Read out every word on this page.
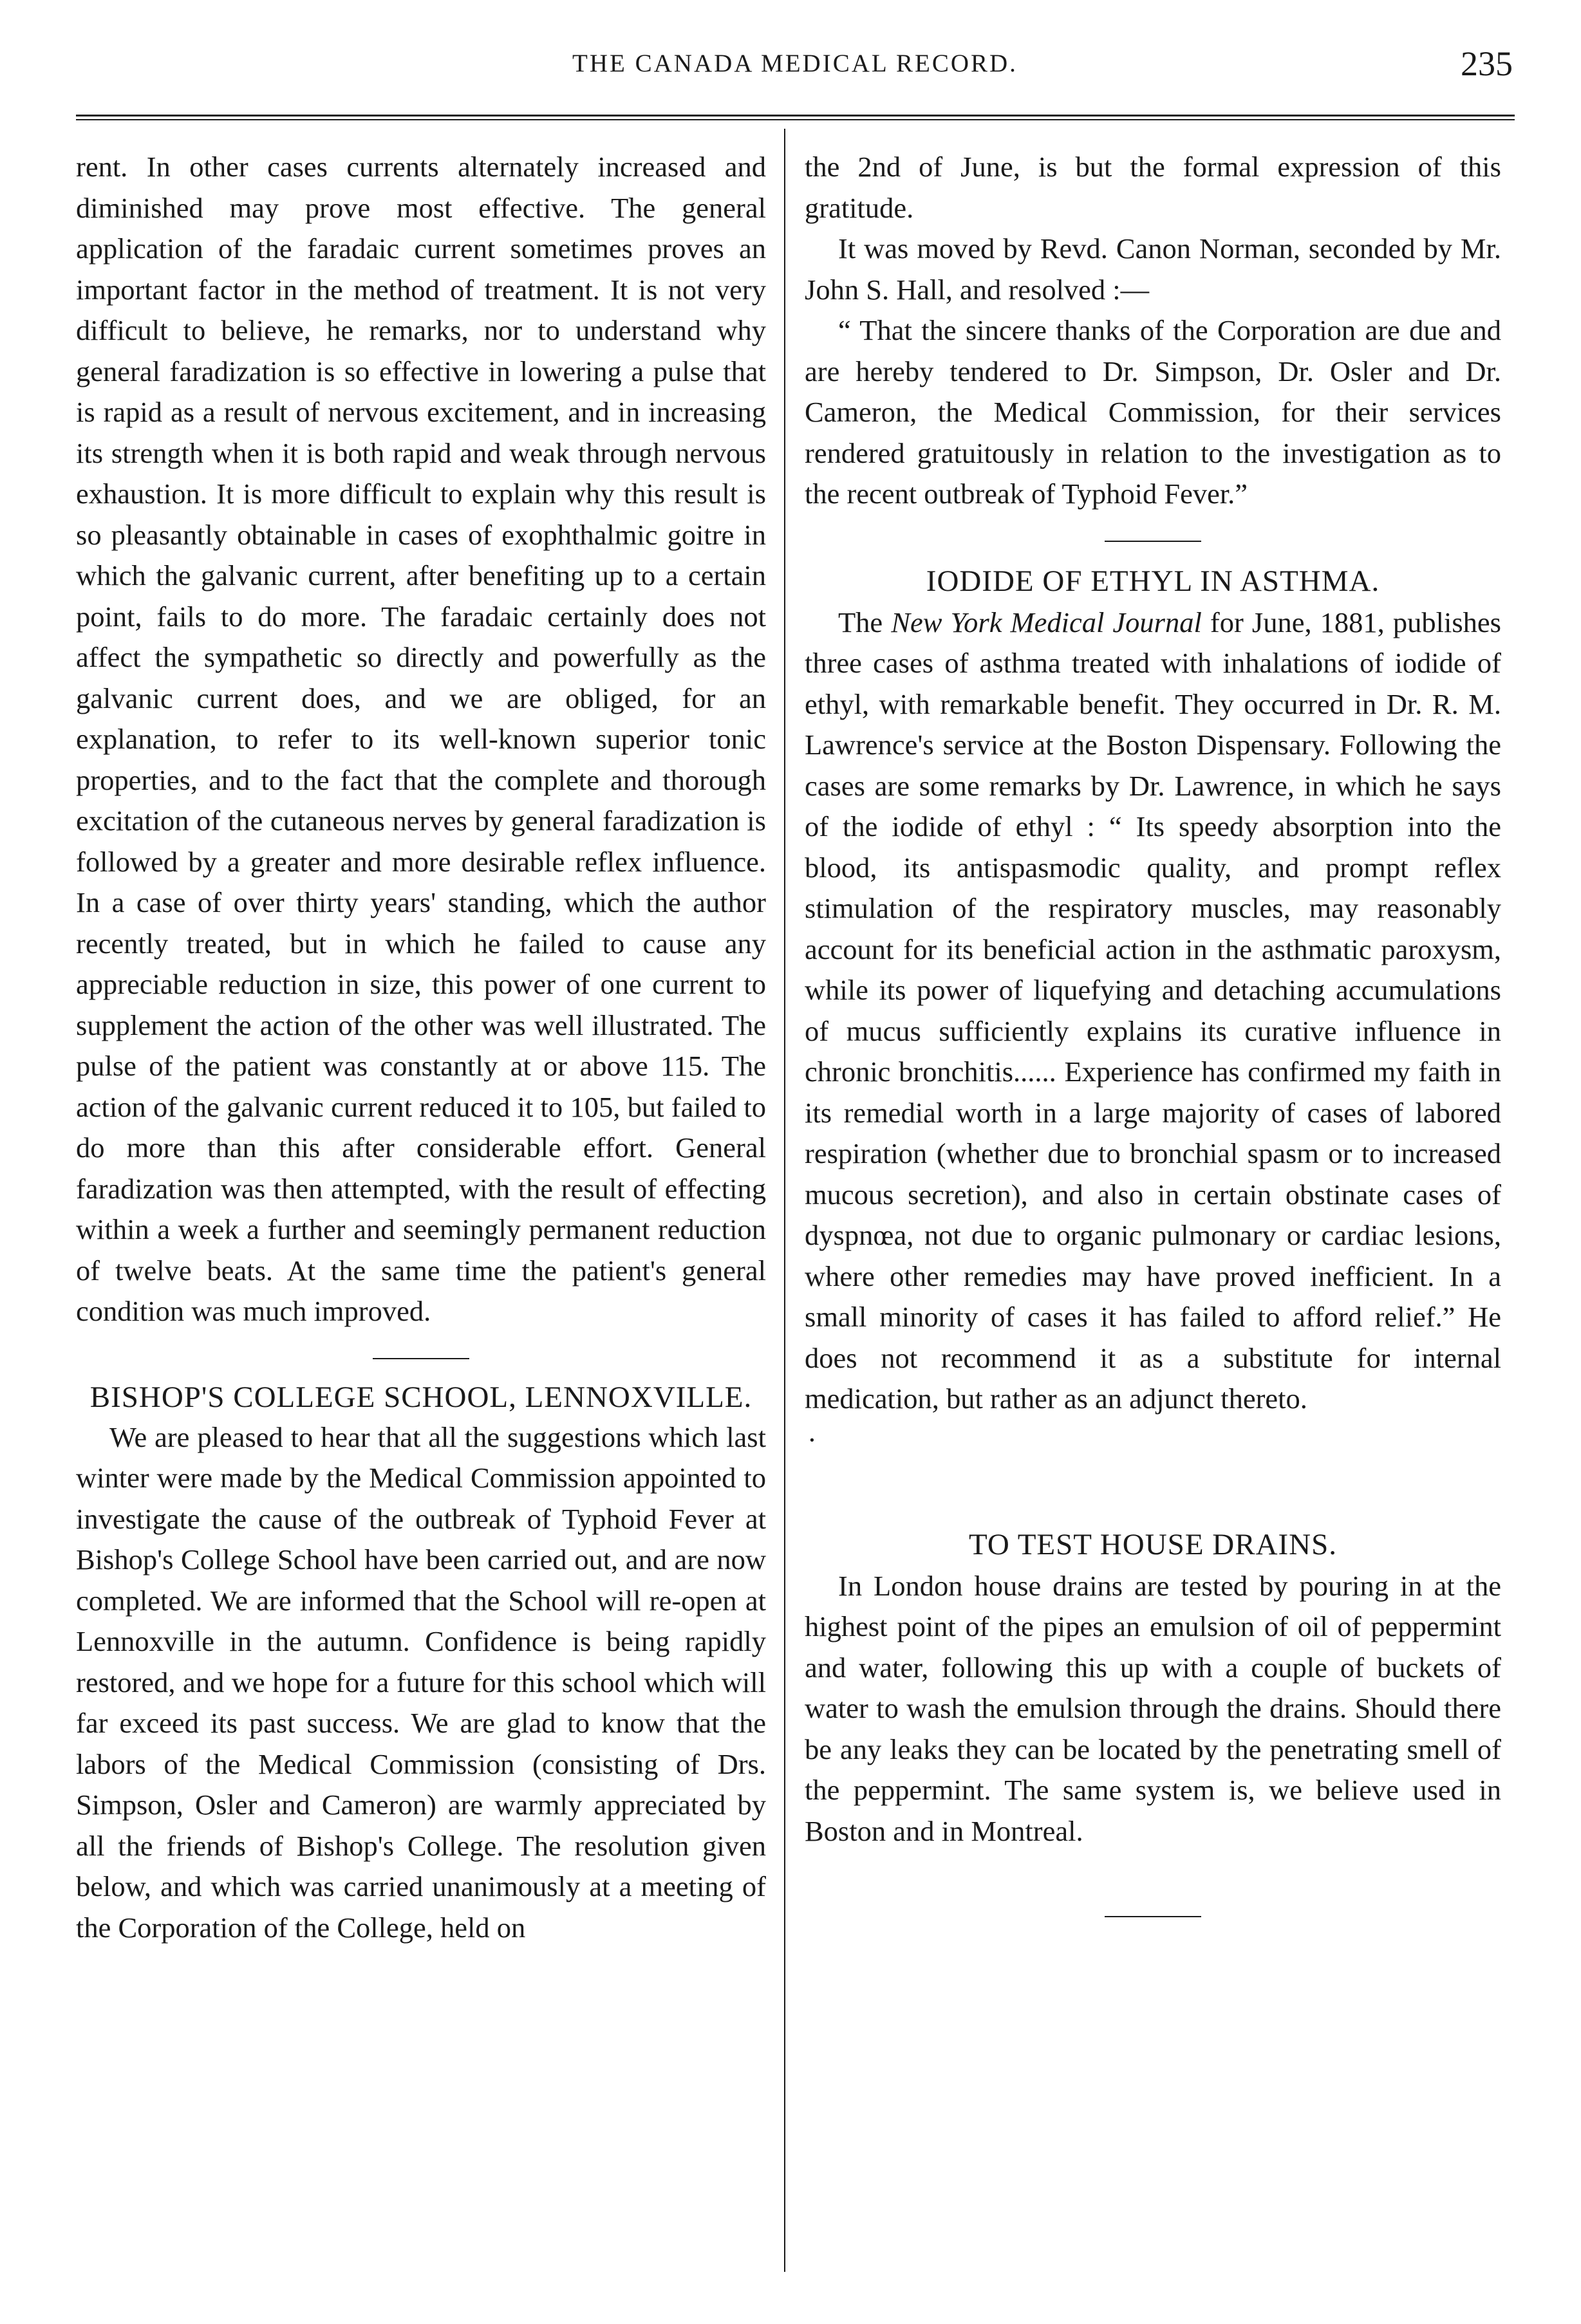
THE CANADA MEDICAL RECORD.	235

rent. In other cases currents alternately increased and diminished may prove most effective. The general application of the faradaic current sometimes proves an important factor in the method of treatment. It is not very difficult to believe, he remarks, nor to understand why general faradization is so effective in lowering a pulse that is rapid as a result of nervous excitement, and in increasing its strength when it is both rapid and weak through nervous exhaustion. It is more difficult to explain why this result is so pleasantly obtainable in cases of exophthalmic goitre in which the galvanic current, after benefiting up to a certain point, fails to do more. The faradaic certainly does not affect the sympathetic so directly and powerfully as the galvanic current does, and we are obliged, for an explanation, to refer to its well-known superior tonic properties, and to the fact that the complete and thorough excitation of the cutaneous nerves by general faradization is followed by a greater and more desirable reflex influence. In a case of over thirty years' standing, which the author recently treated, but in which he failed to cause any appreciable reduction in size, this power of one current to supplement the action of the other was well illustrated. The pulse of the patient was constantly at or above 115. The action of the galvanic current reduced it to 105, but failed to do more than this after considerable effort. General faradization was then attempted, with the result of effecting within a week a further and seemingly permanent reduction of twelve beats. At the same time the patient's general condition was much improved.

BISHOP'S COLLEGE SCHOOL, LENNOXVILLE.

We are pleased to hear that all the suggestions which last winter were made by the Medical Commission appointed to investigate the cause of the outbreak of Typhoid Fever at Bishop's College School have been carried out, and are now completed. We are informed that the School will re-open at Lennoxville in the autumn. Confidence is being rapidly restored, and we hope for a future for this school which will far exceed its past success. We are glad to know that the labors of the Medical Commission (consisting of Drs. Simpson, Osler and Cameron) are warmly appreciated by all the friends of Bishop's College. The resolution given below, and which was carried unanimously at a meeting of the Corporation of the College, held on

the 2nd of June, is but the formal expression of this gratitude.

It was moved by Revd. Canon Norman, seconded by Mr. John S. Hall, and resolved :—

“ That the sincere thanks of the Corporation are due and are hereby tendered to Dr. Simpson, Dr. Osler and Dr. Cameron, the Medical Commission, for their services rendered gratuitously in relation to the investigation as to the recent outbreak of Typhoid Fever.”

IODIDE OF ETHYL IN ASTHMA.

The New York Medical Journal for June, 1881, publishes three cases of asthma treated with inhalations of iodide of ethyl, with remarkable benefit. They occurred in Dr. R. M. Lawrence's service at the Boston Dispensary. Following the cases are some remarks by Dr. Lawrence, in which he says of the iodide of ethyl : “ Its speedy absorption into the blood, its antispasmodic quality, and prompt reflex stimulation of the respiratory muscles, may reasonably account for its beneficial action in the asthmatic paroxysm, while its power of liquefying and detaching accumulations of mucus sufficiently explains its curative influence in chronic bronchitis...... Experience has confirmed my faith in its remedial worth in a large majority of cases of labored respiration (whether due to bronchial spasm or to increased mucous secretion), and also in certain obstinate cases of dyspnœa, not due to organic pulmonary or cardiac lesions, where other remedies may have proved inefficient. In a small minority of cases it has failed to afford relief.” He does not recommend it as a substitute for internal medication, but rather as an adjunct thereto.

·

TO TEST HOUSE DRAINS.

In London house drains are tested by pouring in at the highest point of the pipes an emulsion of oil of peppermint and water, following this up with a couple of buckets of water to wash the emulsion through the drains. Should there be any leaks they can be located by the penetrating smell of the peppermint. The same system is, we believe used in Boston and in Montreal.
